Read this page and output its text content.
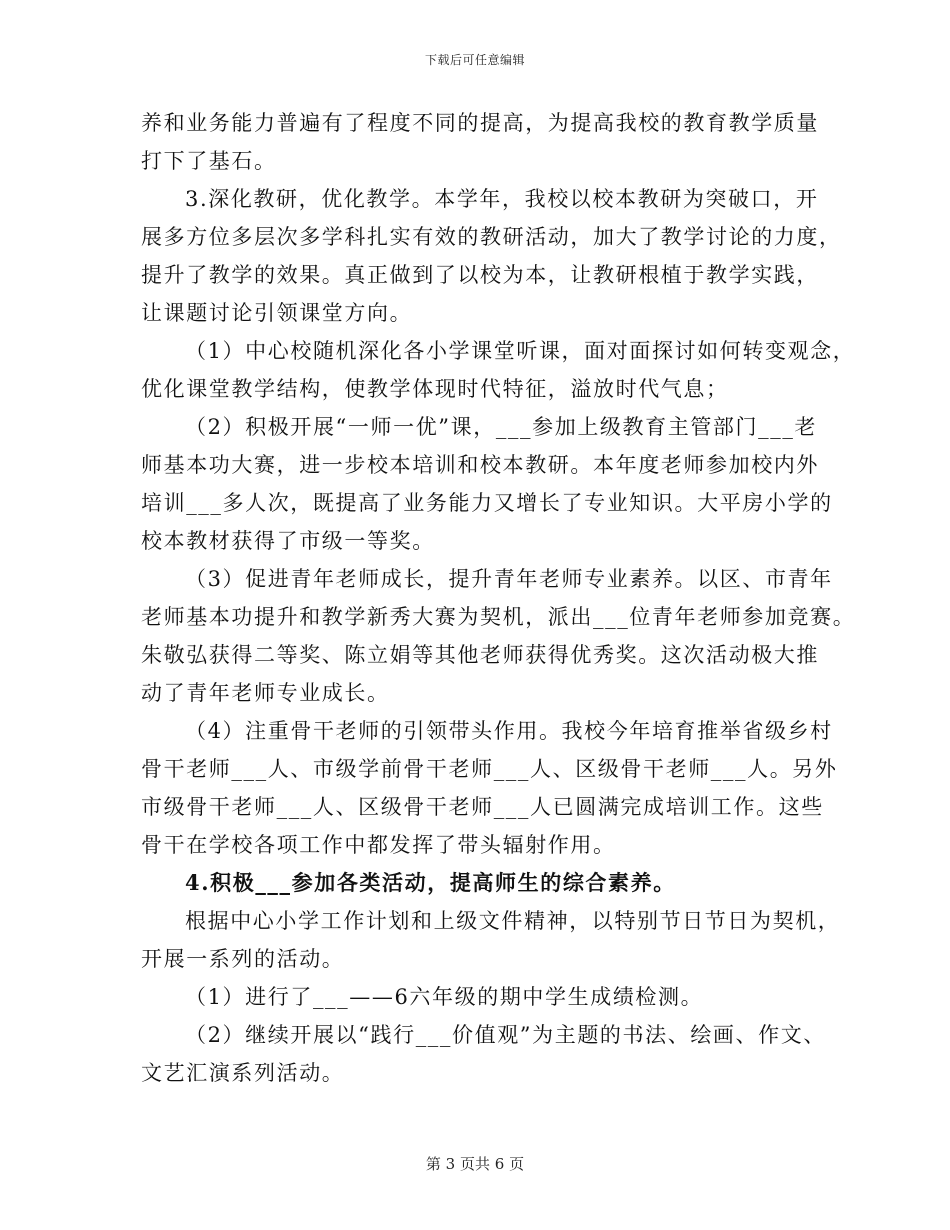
下载后可任意编辑
养和业务能力普遍有了程度不同的提高，为提高我校的教育教学质量
打下了基石。
3.深化教研，优化教学。本学年，我校以校本教研为突破口，开
展多方位多层次多学科扎实有效的教研活动，加大了教学讨论的力度，
提升了教学的效果。真正做到了以校为本，让教研根植于教学实践，
让课题讨论引领课堂方向。
（1）中心校随机深化各小学课堂听课，面对面探讨如何转变观念，
优化课堂教学结构，使教学体现时代特征，溢放时代气息；
（2）积极开展“一师一优”课，___参加上级教育主管部门___老
师基本功大赛，进一步校本培训和校本教研。本年度老师参加校内外
培训___多人次，既提高了业务能力又增长了专业知识。大平房小学的
校本教材获得了市级一等奖。
（3）促进青年老师成长，提升青年老师专业素养。以区、市青年
老师基本功提升和教学新秀大赛为契机，派出___位青年老师参加竞赛。
朱敬弘获得二等奖、陈立娟等其他老师获得优秀奖。这次活动极大推
动了青年老师专业成长。
（4）注重骨干老师的引领带头作用。我校今年培育推举省级乡村
骨干老师___人、市级学前骨干老师___人、区级骨干老师___人。另外
市级骨干老师___人、区级骨干老师___人已圆满完成培训工作。这些
骨干在学校各项工作中都发挥了带头辐射作用。
4.积极___参加各类活动，提高师生的综合素养。
根据中心小学工作计划和上级文件精神，以特别节日节日为契机，
开展一系列的活动。
（1）进行了___——6六年级的期中学生成绩检测。
（2）继续开展以“践行___价值观”为主题的书法、绘画、作文、
文艺汇演系列活动。
第 3 页共 6 页
